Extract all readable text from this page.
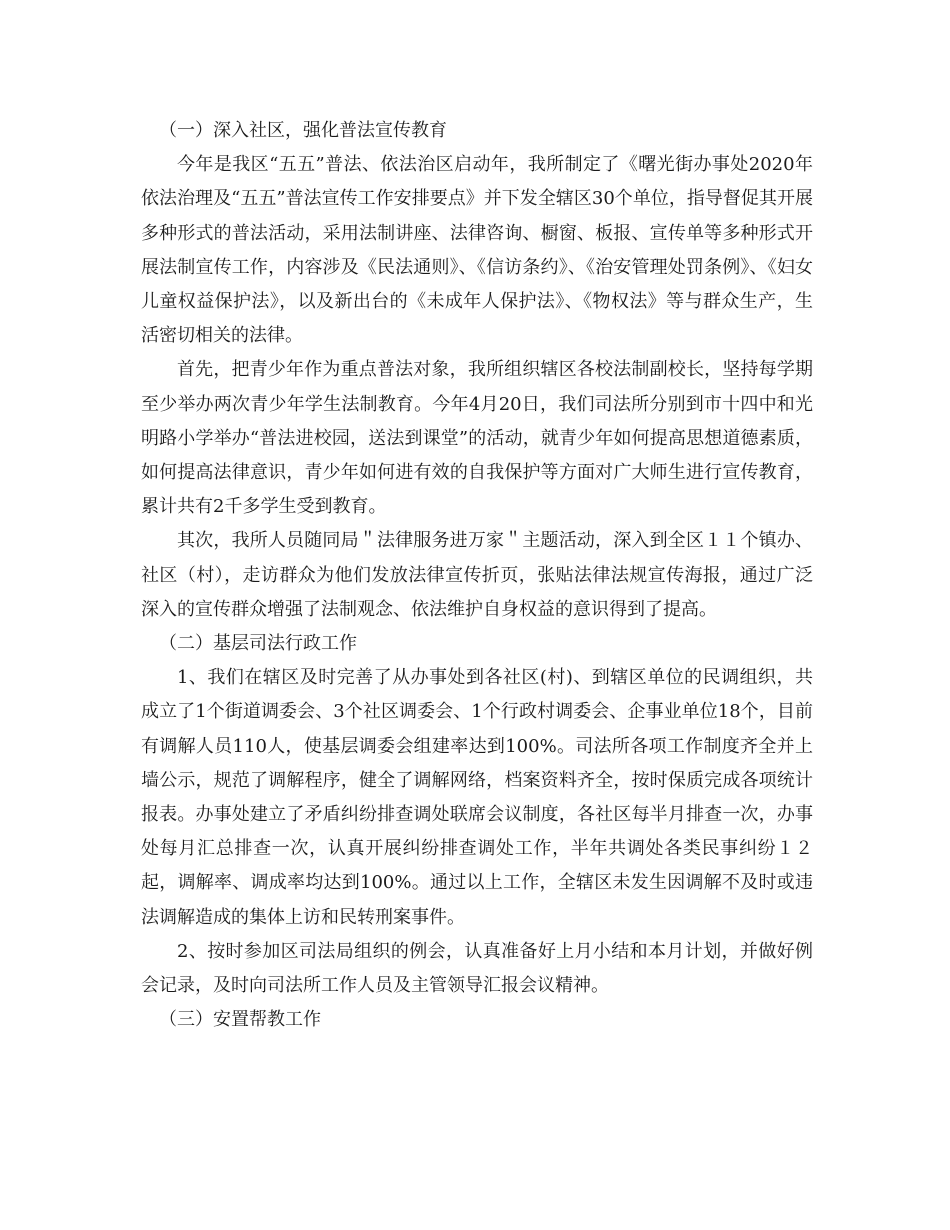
（一）深入社区，强化普法宣传教育

今年是我区“五五”普法、依法治区启动年，我所制定了《曙光街办事处2020年依法治理及“五五”普法宣传工作安排要点》并下发全辖区30个单位，指导督促其开展多种形式的普法活动，采用法制讲座、法律咨询、橱窗、板报、宣传单等多种形式开展法制宣传工作，内容涉及《民法通则》、《信访条约》、《治安管理处罚条例》、《妇女儿童权益保护法》，以及新出台的《未成年人保护法》、《物权法》等与群众生产，生活密切相关的法律。

首先，把青少年作为重点普法对象，我所组织辖区各校法制副校长，坚持每学期至少举办两次青少年学生法制教育。今年4月20日，我们司法所分别到市十四中和光明路小学举办“普法进校园，送法到课堂”的活动，就青少年如何提高思想道德素质，如何提高法律意识，青少年如何进有效的自我保护等方面对广大师生进行宣传教育，累计共有2千多学生受到教育。

其次，我所人员随同局＂法律服务进万家＂主题活动，深入到全区１１个镇办、社区（村），走访群众为他们发放法律宣传折页，张贴法律法规宣传海报，通过广泛深入的宣传群众增强了法制观念、依法维护自身权益的意识得到了提高。

（二）基层司法行政工作

1、我们在辖区及时完善了从办事处到各社区(村)、到辖区单位的民调组织，共成立了1个街道调委会、3个社区调委会、1个行政村调委会、企事业单位18个，目前有调解人员110人，使基层调委会组建率达到100%。司法所各项工作制度齐全并上墙公示，规范了调解程序，健全了调解网络，档案资料齐全，按时保质完成各项统计报表。办事处建立了矛盾纠纷排查调处联席会议制度，各社区每半月排查一次，办事处每月汇总排查一次，认真开展纠纷排查调处工作，半年共调处各类民事纠纷１２起，调解率、调成率均达到100%。通过以上工作，全辖区未发生因调解不及时或违法调解造成的集体上访和民转刑案事件。

2、按时参加区司法局组织的例会，认真准备好上月小结和本月计划，并做好例会记录，及时向司法所工作人员及主管领导汇报会议精神。

（三）安置帮教工作
